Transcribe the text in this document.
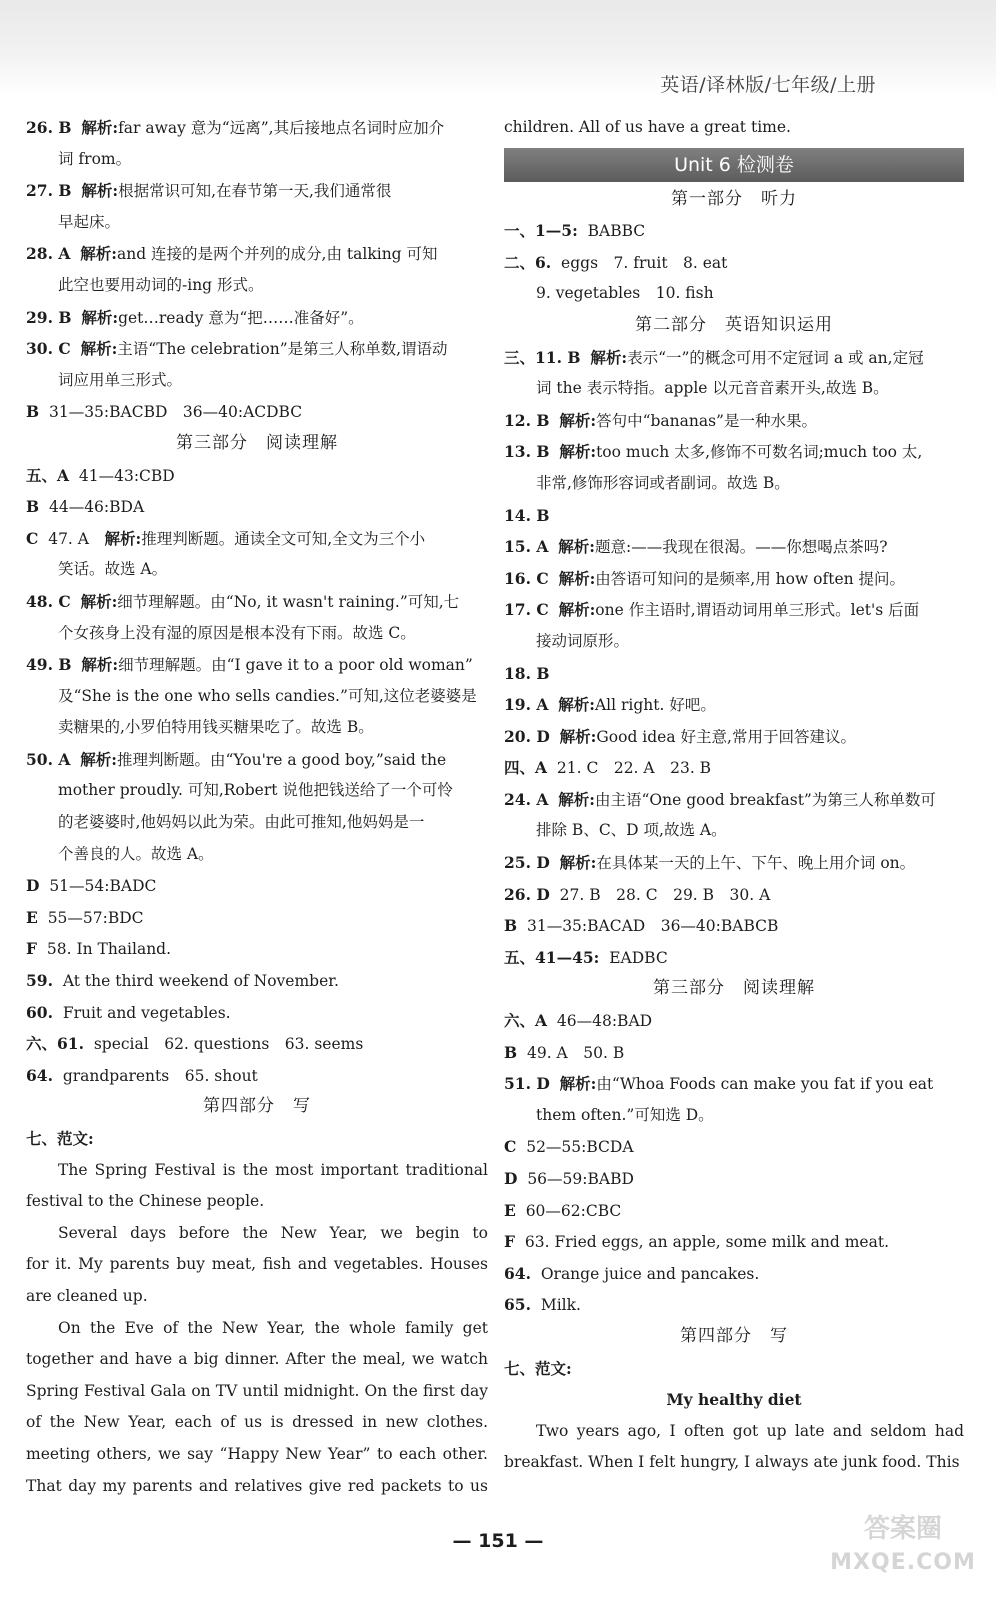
英语/译林版/七年级/上册
26. B 解析:far away 意为“远离”,其后接地点名词时应加介
词 from。
27. B 解析:根据常识可知,在春节第一天,我们通常很
早起床。
28. A 解析:and 连接的是两个并列的成分,由 talking 可知
此空也要用动词的-ing 形式。
29. B 解析:get…ready 意为“把……准备好”。
30. C 解析:主语“The celebration”是第三人称单数,谓语动
词应用单三形式。
B 31—35:BACBD　36—40:ACDBC
第三部分　阅读理解
五、A 41—43:CBD
B 44—46:BDA
C 47. A　解析:推理判断题。通读全文可知,全文为三个小
笑话。故选 A。
48. C 解析:细节理解题。由“No, it wasn't raining.”可知,七
个女孩身上没有湿的原因是根本没有下雨。故选 C。
49. B 解析:细节理解题。由“I gave it to a poor old woman”
及“She is the one who sells candies.”可知,这位老婆婆是
卖糖果的,小罗伯特用钱买糖果吃了。故选 B。
50. A 解析:推理判断题。由“You're a good boy,”said the
mother proudly. 可知,Robert 说他把钱送给了一个可怜
的老婆婆时,他妈妈以此为荣。由此可推知,他妈妈是一
个善良的人。故选 A。
D 51—54:BADC
E 55—57:BDC
F 58. In Thailand.
59. At the third weekend of November.
60. Fruit and vegetables.
六、61. special　62. questions　63. seems
64. grandparents　65. shout
第四部分　写
七、范文:
The Spring Festival is the most important traditional
festival to the Chinese people.
Several days before the New Year, we begin to
for it. My parents buy meat, fish and vegetables. Houses
are cleaned up.
On the Eve of the New Year, the whole family get
together and have a big dinner. After the meal, we watch
Spring Festival Gala on TV until midnight. On the first day
of the New Year, each of us is dressed in new clothes.
meeting others, we say “Happy New Year” to each other.
That day my parents and relatives give red packets to us
children. All of us have a great time.
Unit 6 检测卷
第一部分　听力
一、1—5: BABBC
二、6. eggs　7. fruit　8. eat
9. vegetables　10. fish
第二部分　英语知识运用
三、11. B 解析:表示“一”的概念可用不定冠词 a 或 an,定冠
词 the 表示特指。apple 以元音音素开头,故选 B。
12. B 解析:答句中“bananas”是一种水果。
13. B 解析:too much 太多,修饰不可数名词;much too 太,
非常,修饰形容词或者副词。故选 B。
14. B
15. A 解析:题意:——我现在很渴。——你想喝点茶吗?
16. C 解析:由答语可知问的是频率,用 how often 提问。
17. C 解析:one 作主语时,谓语动词用单三形式。let's 后面
接动词原形。
18. B
19. A 解析:All right. 好吧。
20. D 解析:Good idea 好主意,常用于回答建议。
四、A 21. C　22. A　23. B
24. A 解析:由主语“One good breakfast”为第三人称单数可
排除 B、C、D 项,故选 A。
25. D 解析:在具体某一天的上午、下午、晚上用介词 on。
26. D 27. B　28. C　29. B　30. A
B 31—35:BACAD　36—40:BABCB
五、41—45: EADBC
第三部分　阅读理解
六、A 46—48:BAD
B 49. A　50. B
51. D 解析:由“Whoa Foods can make you fat if you eat
them often.”可知选 D。
C 52—55:BCDA
D 56—59:BABD
E 60—62:CBC
F 63. Fried eggs, an apple, some milk and meat.
64. Orange juice and pancakes.
65. Milk.
第四部分　写
七、范文:
My healthy diet
Two years ago, I often got up late and seldom had
breakfast. When I felt hungry, I always ate junk food. This
— 151 —	答案圈
MXQE.COM
